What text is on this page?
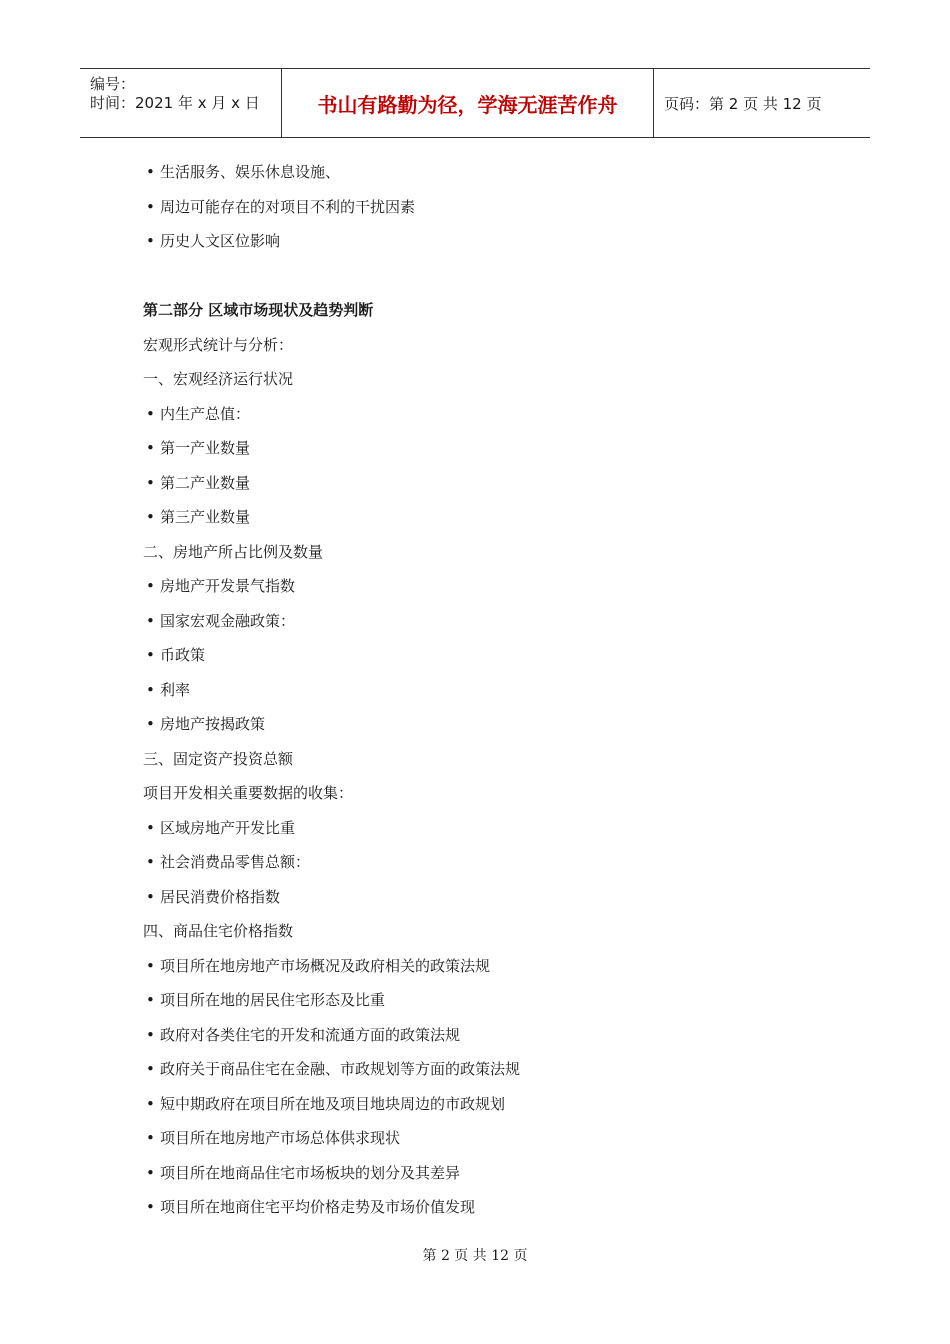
编号：
时间：2021 年 x 月 x 日	书山有路勤为径，学海无涯苦作舟	页码：第 2 页 共 12 页
• 生活服务、娱乐休息设施、
• 周边可能存在的对项目不利的干扰因素
• 历史人文区位影响
第二部分 区域市场现状及趋势判断
宏观形式统计与分析：
一、宏观经济运行状况
• 内生产总值：
• 第一产业数量
• 第二产业数量
• 第三产业数量
二、房地产所占比例及数量
• 房地产开发景气指数
• 国家宏观金融政策：
• 币政策
• 利率
• 房地产按揭政策
三、固定资产投资总额
项目开发相关重要数据的收集：
• 区域房地产开发比重
• 社会消费品零售总额：
• 居民消费价格指数
四、商品住宅价格指数
• 项目所在地房地产市场概况及政府相关的政策法规
• 项目所在地的居民住宅形态及比重
• 政府对各类住宅的开发和流通方面的政策法规
• 政府关于商品住宅在金融、市政规划等方面的政策法规
• 短中期政府在项目所在地及项目地块周边的市政规划
• 项目所在地房地产市场总体供求现状
• 项目所在地商品住宅市场板块的划分及其差异
• 项目所在地商住宅平均价格走势及市场价值发现
第 2 页 共 12 页
